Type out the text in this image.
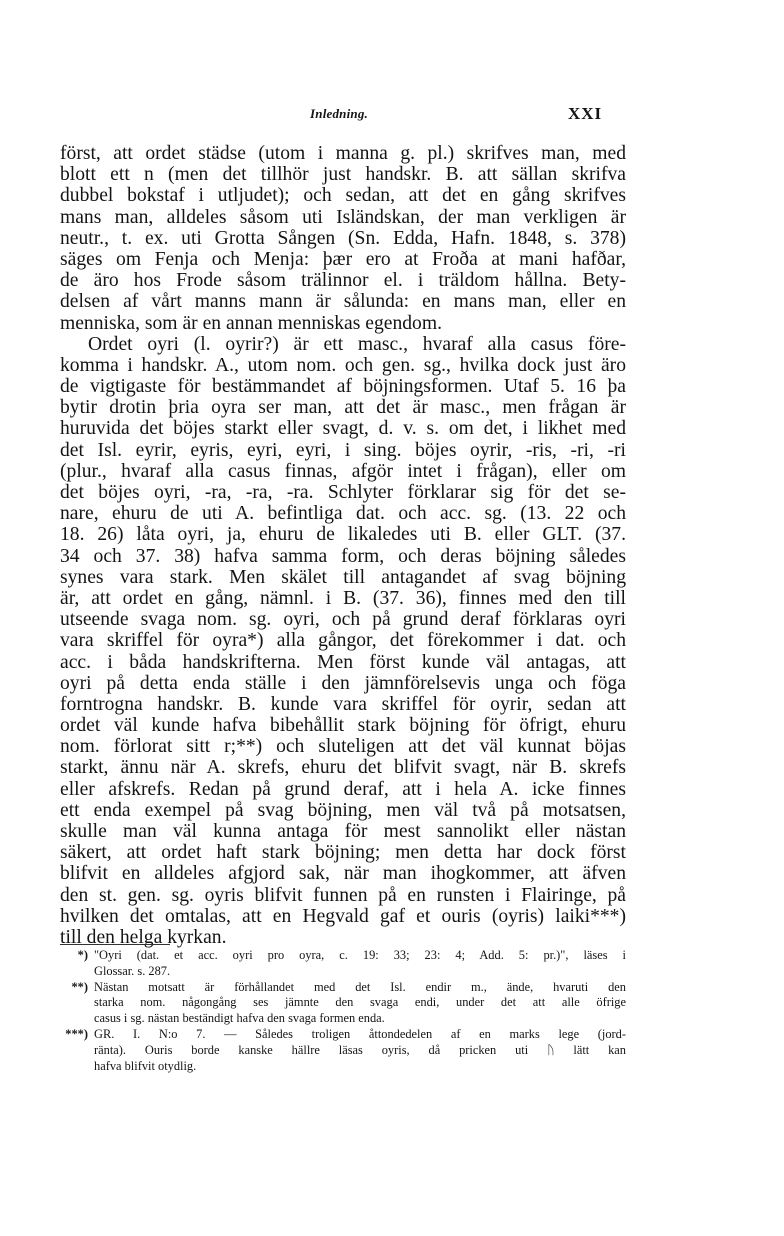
Inledning.	XXI
först, att ordet städse (utom i manna g. pl.) skrifves man, med
blott ett n (men det tillhör just handskr. B. att sällan skrifva
dubbel bokstaf i utljudet); och sedan, att det en gång skrifves
mans man, alldeles såsom uti Isländskan, der man verkligen är
neutr., t. ex. uti Grotta Sången (Sn. Edda, Hafn. 1848, s. 378)
säges om Fenja och Menja: þær ero at Froða at mani hafðar,
de äro hos Frode såsom trälinnor el. i träldom hållna. Bety-
delsen af vårt manns mann är sålunda: en mans man, eller en
menniska, som är en annan menniskas egendom.
Ordet oyri (l. oyrir?) är ett masc., hvaraf alla casus före-
komma i handskr. A., utom nom. och gen. sg., hvilka dock just äro
de vigtigaste för bestämmandet af böjningsformen. Utaf 5. 16 þa
bytir drotin þria oyra ser man, att det är masc., men frågan är
huruvida det böjes starkt eller svagt, d. v. s. om det, i likhet med
det Isl. eyrir, eyris, eyri, eyri, i sing. böjes oyrir, -ris, -ri, -ri
(plur., hvaraf alla casus finnas, afgör intet i frågan), eller om
det böjes oyri, -ra, -ra, -ra. Schlyter förklarar sig för det se-
nare, ehuru de uti A. befintliga dat. och acc. sg. (13. 22 och
18. 26) låta oyri, ja, ehuru de likaledes uti B. eller GLT. (37.
34 och 37. 38) hafva samma form, och deras böjning således
synes vara stark. Men skälet till antagandet af svag böjning
är, att ordet en gång, nämnl. i B. (37. 36), finnes med den till
utseende svaga nom. sg. oyri, och på grund deraf förklaras oyri
vara skriffel för oyra*) alla gångor, det förekommer i dat. och
acc. i båda handskrifterna. Men först kunde väl antagas, att
oyri på detta enda ställe i den jämnförelsevis unga och föga
forntrogna handskr. B. kunde vara skriffel för oyrir, sedan att
ordet väl kunde hafva bibehållit stark böjning för öfrigt, ehuru
nom. förlorat sitt r;**) och sluteligen att det väl kunnat böjas
starkt, ännu när A. skrefs, ehuru det blifvit svagt, när B. skrefs
eller afskrefs. Redan på grund deraf, att i hela A. icke finnes
ett enda exempel på svag böjning, men väl två på motsatsen,
skulle man väl kunna antaga för mest sannolikt eller nästan
säkert, att ordet haft stark böjning; men detta har dock först
blifvit en alldeles afgjord sak, när man ihogkommer, att äfven
den st. gen. sg. oyris blifvit funnen på en runsten i Flairinge, på
hvilken det omtalas, att en Hegvald gaf et ouris (oyris) laiki***)
till den helga kyrkan.
*) "Oyri (dat. et acc. oyri pro oyra, c. 19: 33; 23: 4; Add. 5: pr.)", läses i
Glossar. s. 287.
**) Nästan motsatt är förhållandet med det Isl. endir m., ände, hvaruti den
starka nom. någongång ses jämnte den svaga endi, under det att alle öfrige
casus i sg. nästan beständigt hafva den svaga formen enda.
***) GR. I. N:o 7. — Således troligen åttondedelen af en marks lege (jord-
ränta). Ouris borde kanske hällre läsas oyris, då pricken uti ᚢ lätt kan
hafva blifvit otydlig.
